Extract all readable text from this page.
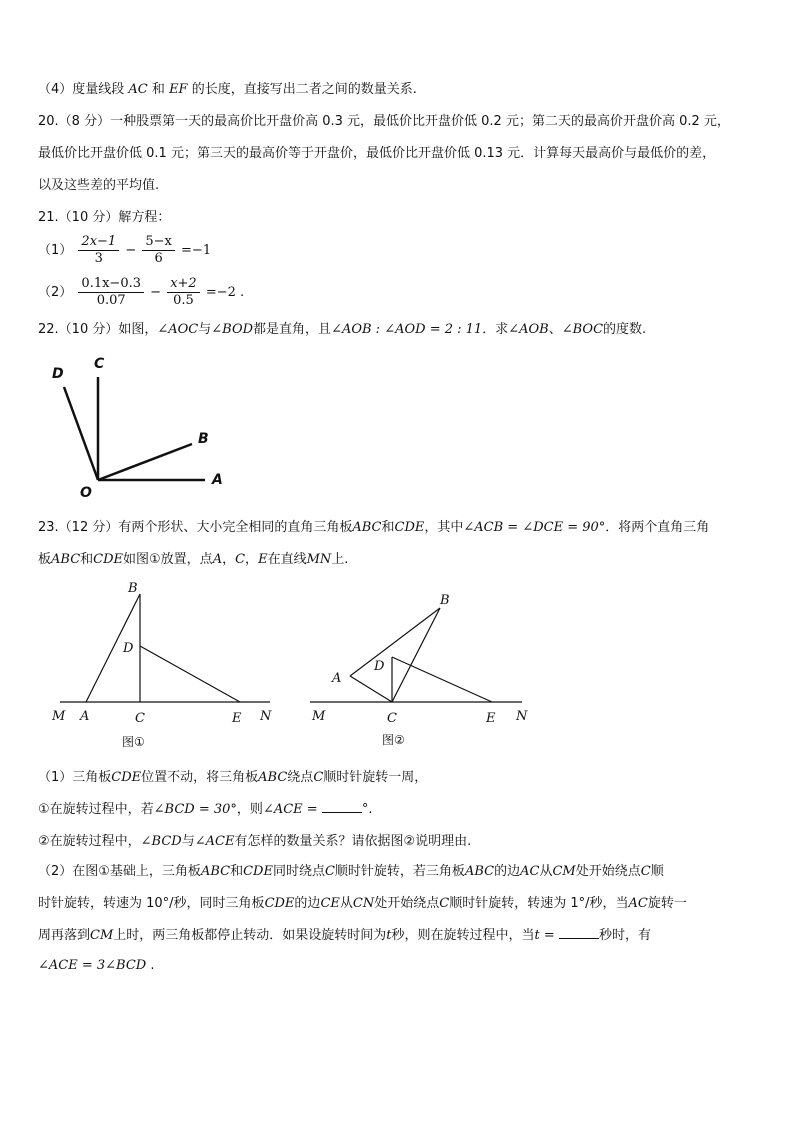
（4）度量线段 AC 和 EF 的长度，直接写出二者之间的数量关系.
20.（8 分）一种股票第一天的最高价比开盘价高 0.3 元，最低价比开盘价低 0.2 元；第二天的最高价开盘价高 0.2 元，
最低价比开盘价低 0.1 元；第三天的最高价等于开盘价，最低价比开盘价低 0.13 元．计算每天最高价与最低价的差，
以及这些差的平均值.
21.（10 分）解方程：
$(1) \frac{2x-1}{3} - \frac{5-x}{6} =-1$
$(2) \frac{0.1x-0.3}{0.07} - \frac{x+2}{0.5} =-2$ .
22.（10 分）如图，∠AOC与∠BOD都是直角，且∠AOB : ∠AOD = 2 : 11．求∠AOB、∠BOC的度数.
D
C
B
A
O
23.（12 分）有两个形状、大小完全相同的直角三角板ABC和CDE，其中∠ACB = ∠DCE = 90°．将两个直角三角
板ABC和CDE如图①放置，点A，C，E在直线MN上.
B
D
M A	C	E N
图①
B
D
A
M	C	E N
图②
（1）三角板CDE位置不动，将三角板ABC绕点C顺时针旋转一周，
①在旋转过程中，若∠BCD = 30°，则∠ACE =	°.
②在旋转过程中，∠BCD与∠ACE有怎样的数量关系？请依据图②说明理由.
（2）在图①基础上，三角板ABC和CDE同时绕点C顺时针旋转，若三角板ABC的边AC从CM处开始绕点C顺
时针旋转，转速为 10°/秒，同时三角板CDE的边CE从CN处开始绕点C顺时针旋转，转速为 1°/秒，当AC旋转一
周再落到CM上时，两三角板都停止转动．如果设旋转时间为t秒，则在旋转过程中，当t =	秒时，有
∠ACE = 3∠BCD .
